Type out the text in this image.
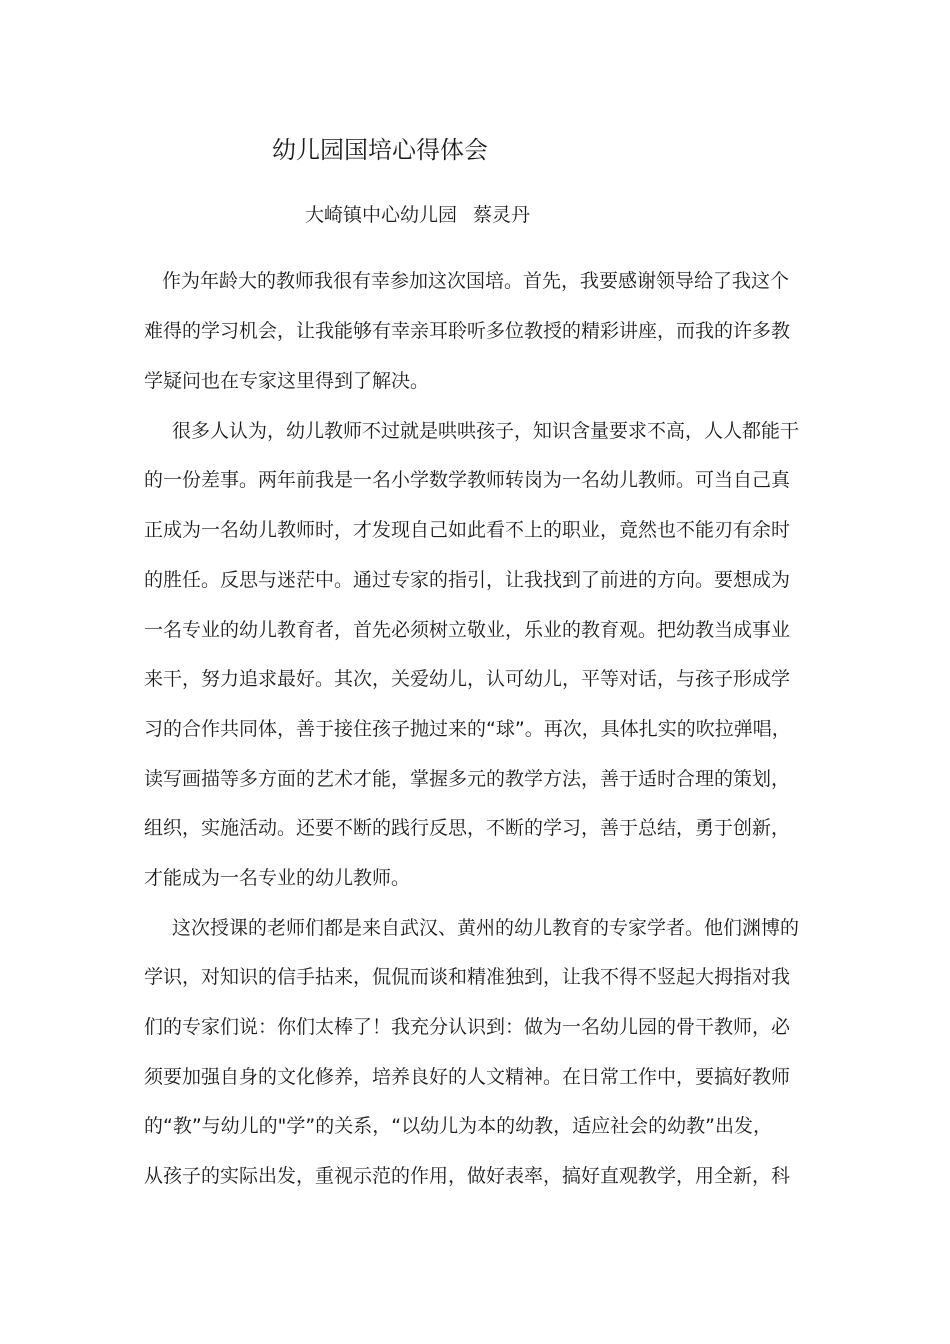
幼儿园国培心得体会

大崎镇中心幼儿园 蔡灵丹

作为年龄大的教师我很有幸参加这次国培。首先，我要感谢领导给了我这个

难得的学习机会，让我能够有幸亲耳聆听多位教授的精彩讲座，而我的许多教

学疑问也在专家这里得到了解决。

很多人认为，幼儿教师不过就是哄哄孩子，知识含量要求不高，人人都能干

的一份差事。两年前我是一名小学数学教师转岗为一名幼儿教师。可当自己真

正成为一名幼儿教师时，才发现自己如此看不上的职业，竟然也不能刃有余时

的胜任。反思与迷茫中。通过专家的指引，让我找到了前进的方向。要想成为

一名专业的幼儿教育者，首先必须树立敬业，乐业的教育观。把幼教当成事业

来干，努力追求最好。其次，关爱幼儿，认可幼儿，平等对话，与孩子形成学

习的合作共同体，善于接住孩子抛过来的“球”。再次，具体扎实的吹拉弹唱，

读写画描等多方面的艺术才能，掌握多元的教学方法，善于适时合理的策划，

组织，实施活动。还要不断的践行反思，不断的学习，善于总结，勇于创新，

才能成为一名专业的幼儿教师。

这次授课的老师们都是来自武汉、黄州的幼儿教育的专家学者。他们渊博的

学识，对知识的信手拈来，侃侃而谈和精准独到，让我不得不竖起大拇指对我

们的专家们说：你们太棒了！我充分认识到：做为一名幼儿园的骨干教师，必

须要加强自身的文化修养，培养良好的人文精神。在日常工作中，要搞好教师

的“教”与幼儿的"学”的关系，“以幼儿为本的幼教，适应社会的幼教”出发，

从孩子的实际出发，重视示范的作用，做好表率，搞好直观教学，用全新，科
